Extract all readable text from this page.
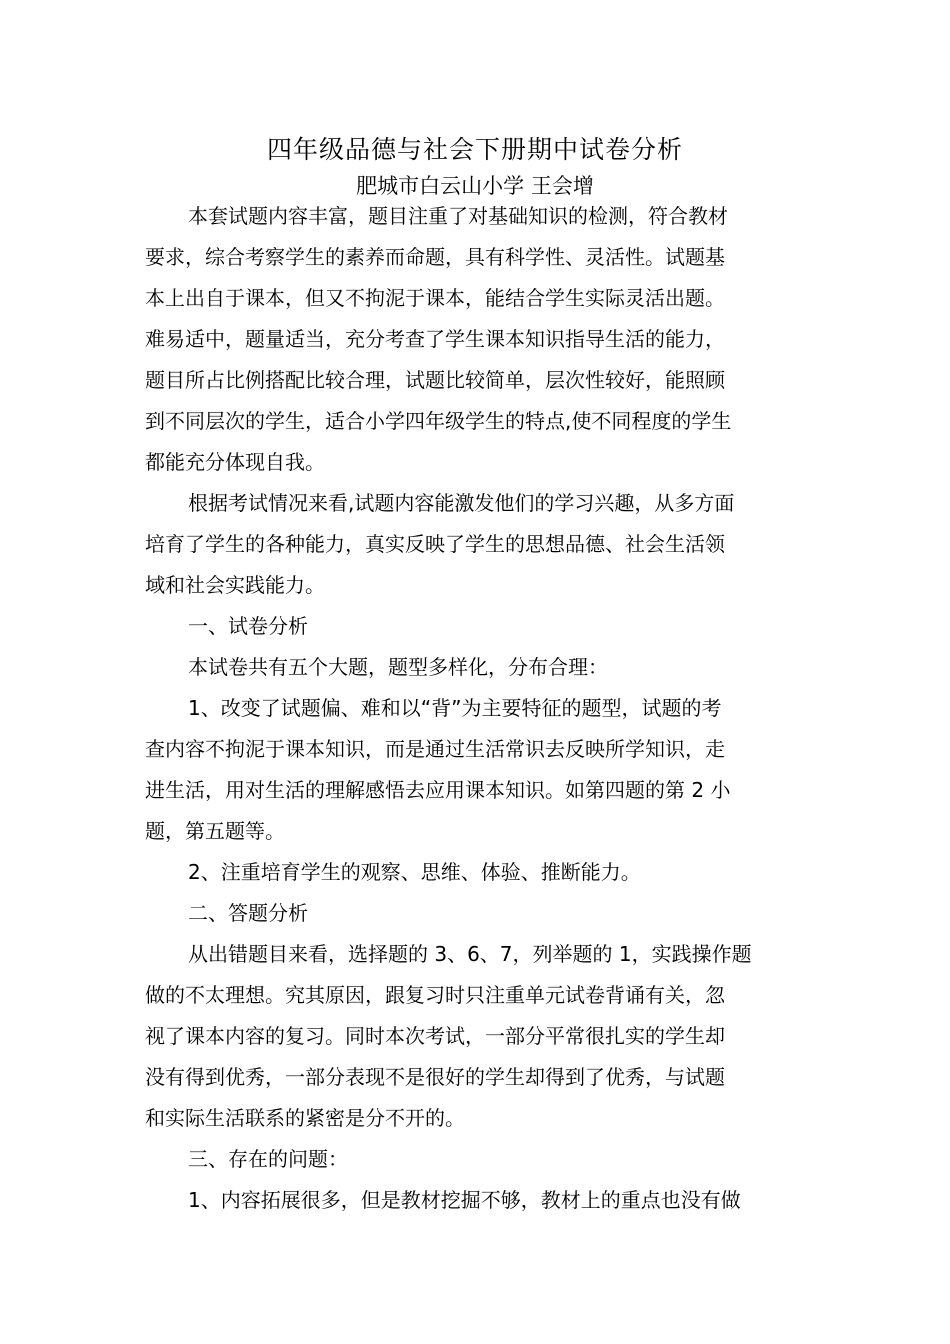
四年级品德与社会下册期中试卷分析
肥城市白云山小学 王会增

本套试题内容丰富，题目注重了对基础知识的检测，符合教材

要求，综合考察学生的素养而命题，具有科学性、灵活性。试题基

本上出自于课本，但又不拘泥于课本，能结合学生实际灵活出题。

难易适中，题量适当，充分考查了学生课本知识指导生活的能力，

题目所占比例搭配比较合理，试题比较简单，层次性较好，能照顾

到不同层次的学生，适合小学四年级学生的特点,使不同程度的学生

都能充分体现自我。

根据考试情况来看,试题内容能激发他们的学习兴趣，从多方面

培育了学生的各种能力，真实反映了学生的思想品德、社会生活领

域和社会实践能力。

一、试卷分析

本试卷共有五个大题，题型多样化，分布合理：

1、改变了试题偏、难和以“背”为主要特征的题型，试题的考

查内容不拘泥于课本知识，而是通过生活常识去反映所学知识，走

进生活，用对生活的理解感悟去应用课本知识。如第四题的第 2 小

题，第五题等。

2、注重培育学生的观察、思维、体验、推断能力。

二、答题分析

从出错题目来看，选择题的 3、6、7，列举题的 1，实践操作题

做的不太理想。究其原因，跟复习时只注重单元试卷背诵有关，忽

视了课本内容的复习。同时本次考试，一部分平常很扎实的学生却

没有得到优秀，一部分表现不是很好的学生却得到了优秀，与试题

和实际生活联系的紧密是分不开的。

三、存在的问题：

1、内容拓展很多，但是教材挖掘不够，教材上的重点也没有做
